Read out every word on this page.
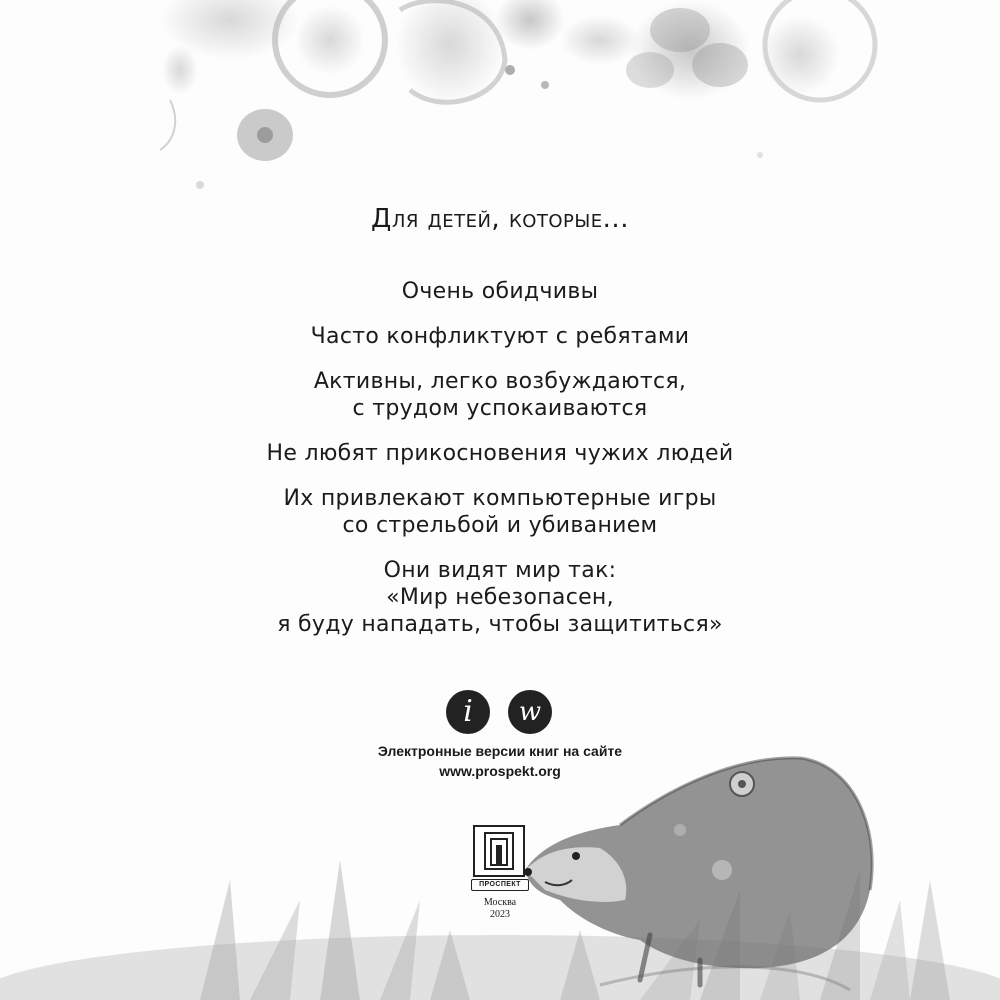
Для детей, которые...
Очень обидчивы
Часто конфликтуют с ребятами
Активны, легко возбуждаются,
с трудом успокаиваются
Не любят прикосновения чужих людей
Их привлекают компьютерные игры
со стрельбой и убиванием
Они видят мир так:
«Мир небезопасен,
я буду нападать, чтобы защититься»
i	w
Электронные версии книг на сайте
www.prospekt.org
ПРОСПЕКТ
Москва
2023
